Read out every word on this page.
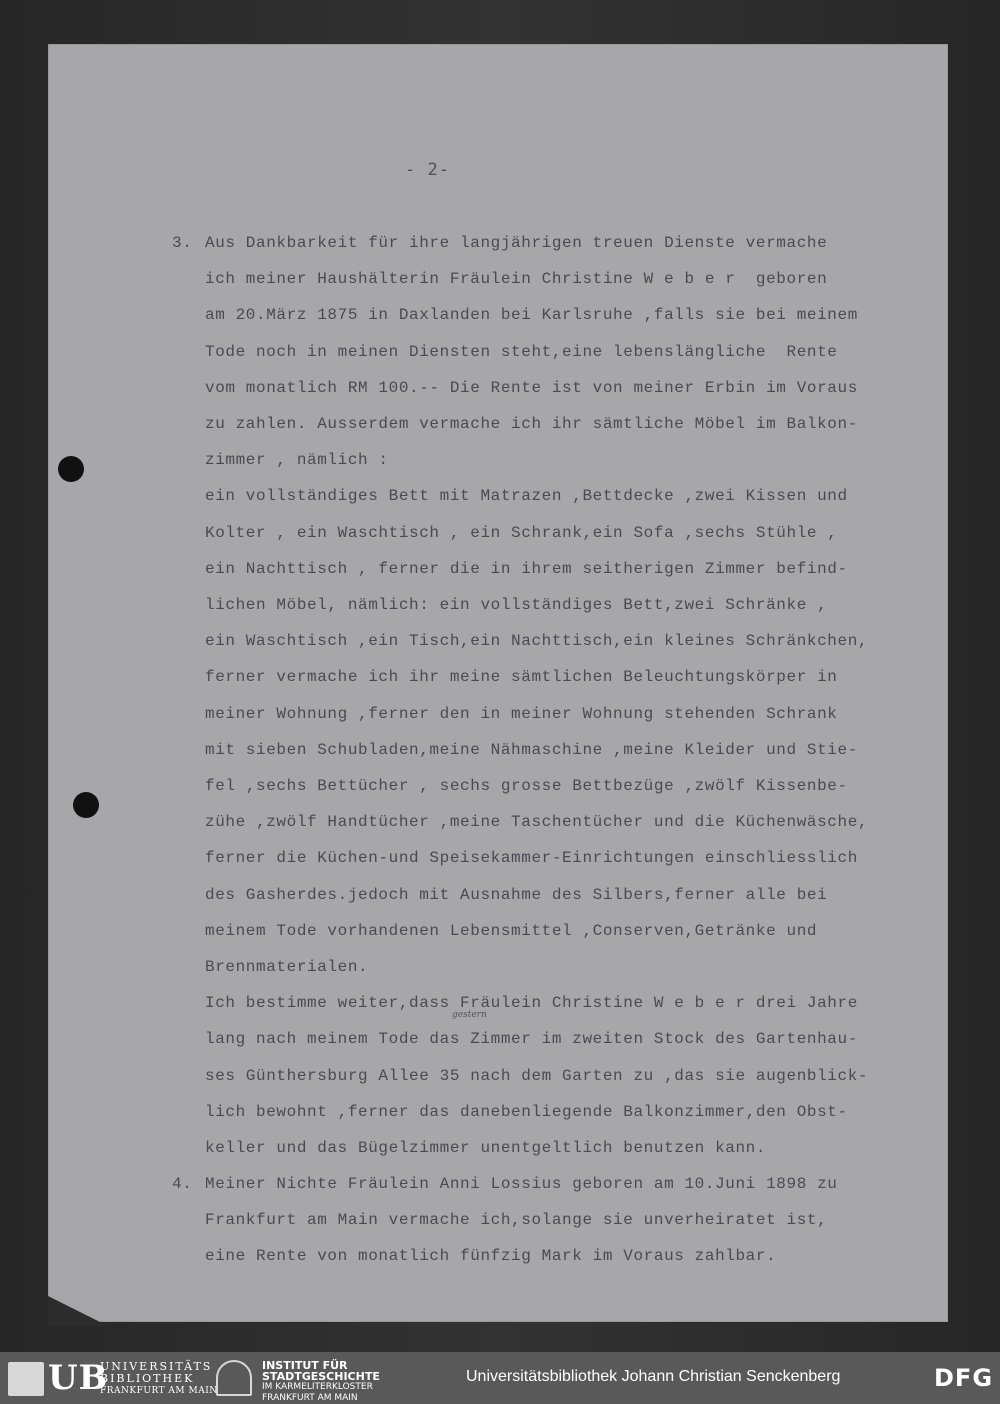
- 2-
gestern
3. Aus Dankbarkeit für ihre langjährigen treuen Dienste vermache
ich meiner Haushälterin Fräulein Christine W e b e r  geboren
am 20.März 1875 in Daxlanden bei Karlsruhe ,falls sie bei meinem
Tode noch in meinen Diensten steht,eine lebenslängliche  Rente
vom monatlich RM 100.-- Die Rente ist von meiner Erbin im Voraus
zu zahlen. Ausserdem vermache ich ihr sämtliche Möbel im Balkon-
zimmer , nämlich :
ein vollständiges Bett mit Matrazen ,Bettdecke ,zwei Kissen und
Kolter , ein Waschtisch , ein Schrank,ein Sofa ,sechs Stühle ,
ein Nachttisch , ferner die in ihrem seitherigen Zimmer befind-
lichen Möbel, nämlich: ein vollständiges Bett,zwei Schränke ,
ein Waschtisch ,ein Tisch,ein Nachttisch,ein kleines Schränkchen,
ferner vermache ich ihr meine sämtlichen Beleuchtungskörper in
meiner Wohnung ,ferner den in meiner Wohnung stehenden Schrank
mit sieben Schubladen,meine Nähmaschine ,meine Kleider und Stie-
fel ,sechs Bettücher , sechs grosse Bettbezüge ,zwölf Kissenbe-
zühe ,zwölf Handtücher ,meine Taschentücher und die Küchenwäsche,
ferner die Küchen-und Speisekammer-Einrichtungen einschliesslich
des Gasherdes.jedoch mit Ausnahme des Silbers,ferner alle bei
meinem Tode vorhandenen Lebensmittel ,Conserven,Getränke und
Brennmaterialen.
Ich bestimme weiter,dass Fräulein Christine W e b e r drei Jahre
lang nach meinem Tode das Zimmer im zweiten Stock des Gartenhau-
ses Günthersburg Allee 35 nach dem Garten zu ,das sie augenblick-
lich bewohnt ,ferner das danebenliegende Balkonzimmer,den Obst-
keller und das Bügelzimmer unentgeltlich benutzen kann.
4. Meiner Nichte Fräulein Anni Lossius geboren am 10.Juni 1898 zu
Frankfurt am Main vermache ich,solange sie unverheiratet ist,
eine Rente von monatlich fünfzig Mark im Voraus zahlbar.
UB
UNIVERSITÄTS
BIBLIOTHEK
FRANKFURT AM MAIN
INSTITUT FÜR
STADTGESCHICHTE
IM KARMELITERKLOSTER
FRANKFURT AM MAIN
Universitätsbibliothek Johann Christian Senckenberg	DFG
